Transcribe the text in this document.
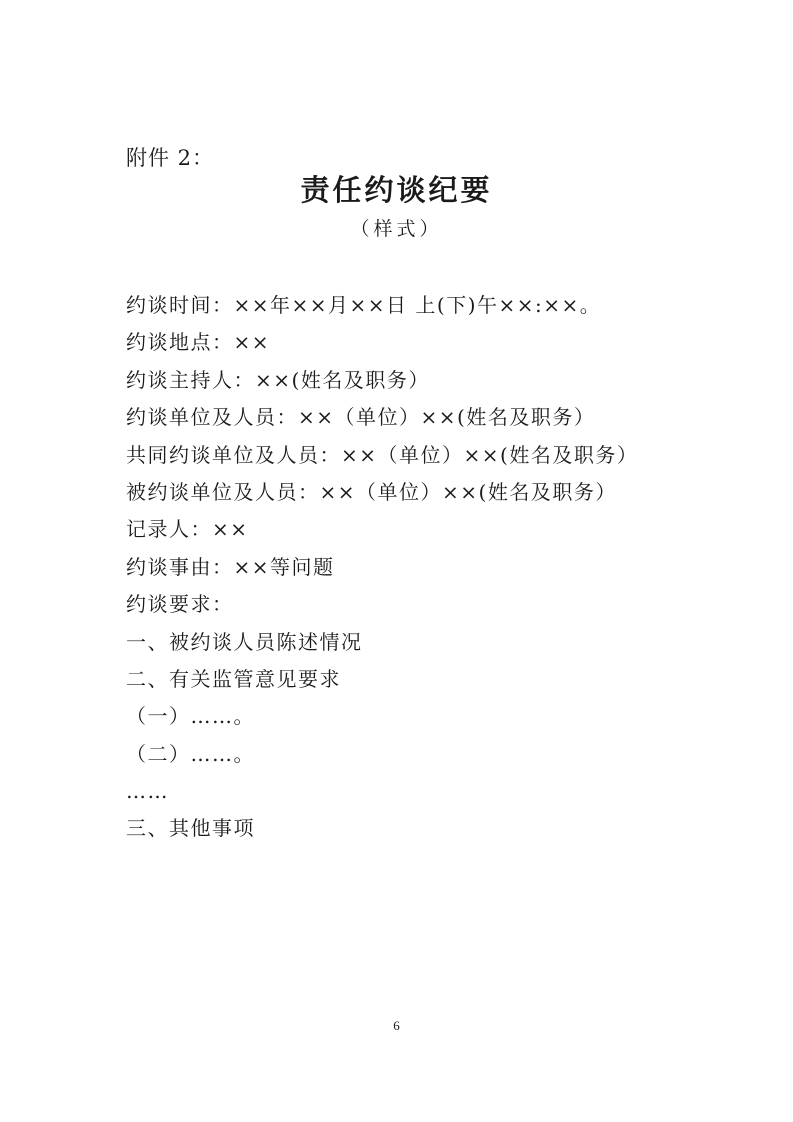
附件 2：
责任约谈纪要
（样式）
约谈时间：××年××月××日 上(下)午××:××。
约谈地点：××
约谈主持人：××(姓名及职务）
约谈单位及人员：××（单位）××(姓名及职务）
共同约谈单位及人员：××（单位）××(姓名及职务）
被约谈单位及人员：××（单位）××(姓名及职务）
记录人：××
约谈事由：××等问题
约谈要求：
一、被约谈人员陈述情况
二、有关监管意见要求
（一）……。
（二）……。
……
三、其他事项
6
